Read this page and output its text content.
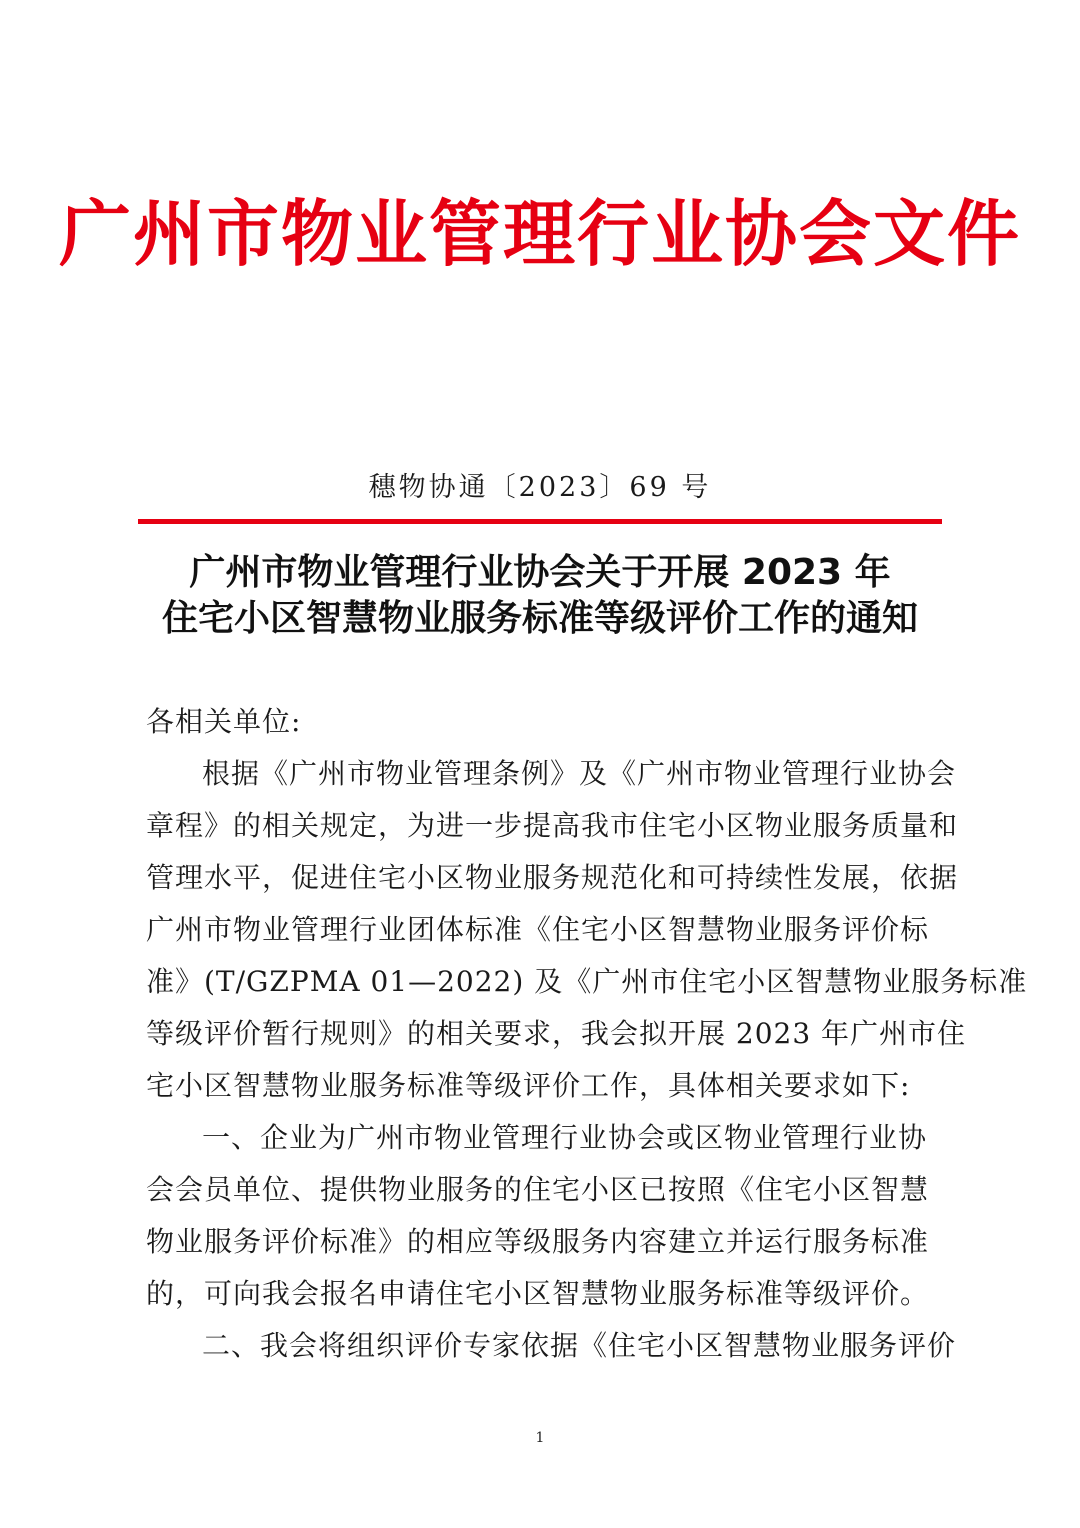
广州市物业管理行业协会文件
穗物协通〔2023〕69 号
广州市物业管理行业协会关于开展 2023 年
住宅小区智慧物业服务标准等级评价工作的通知
各相关单位:
根据《广州市物业管理条例》及《广州市物业管理行业协会
章程》的相关规定，为进一步提高我市住宅小区物业服务质量和
管理水平，促进住宅小区物业服务规范化和可持续性发展，依据
广州市物业管理行业团体标准《住宅小区智慧物业服务评价标
准》(T/GZPMA 01—2022) 及《广州市住宅小区智慧物业服务标准
等级评价暂行规则》的相关要求，我会拟开展 2023 年广州市住
宅小区智慧物业服务标准等级评价工作，具体相关要求如下:
一、企业为广州市物业管理行业协会或区物业管理行业协
会会员单位、提供物业服务的住宅小区已按照《住宅小区智慧
物业服务评价标准》的相应等级服务内容建立并运行服务标准
的，可向我会报名申请住宅小区智慧物业服务标准等级评价。
二、我会将组织评价专家依据《住宅小区智慧物业服务评价
1
